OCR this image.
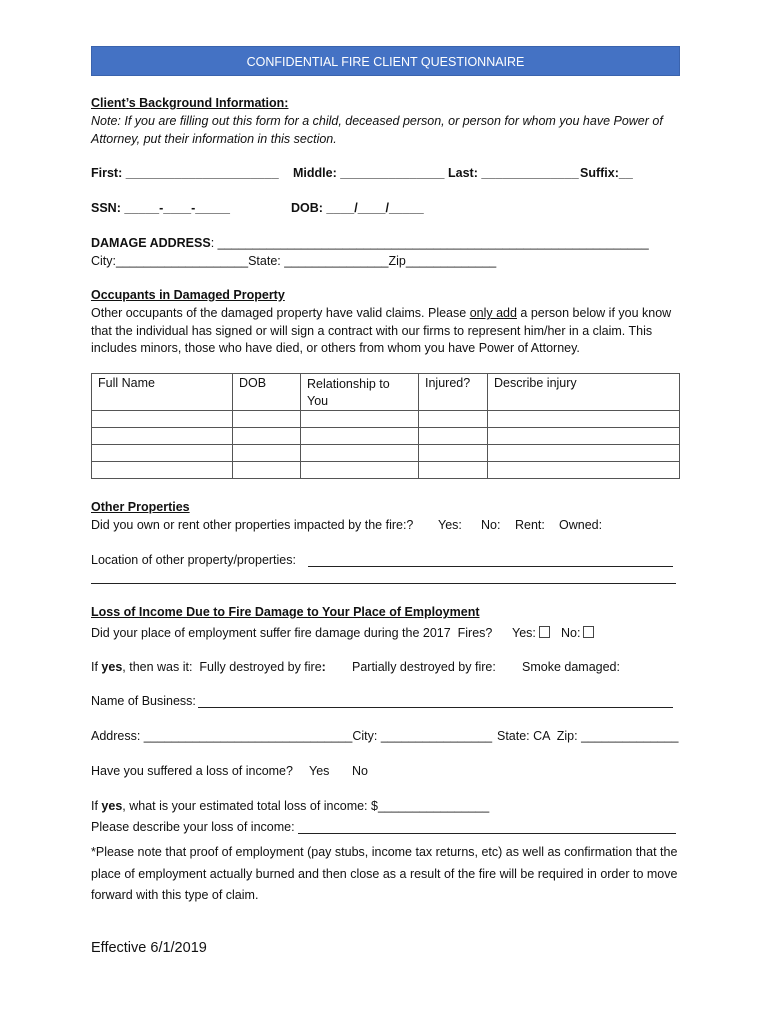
CONFIDENTIAL FIRE CLIENT QUESTIONNAIRE
Client’s Background Information:
Note: If you are filling out this form for a child, deceased person, or person for whom you have Power of Attorney, put their information in this section.
First: ______________________ Middle: _______________ Last: ______________ Suffix:__
SSN: _____-____-_____	DOB: ____/____/_____
DAMAGE ADDRESS: ______________________________________________________________
City:___________________State: _______________Zip_____________
Occupants in Damaged Property
Other occupants of the damaged property have valid claims. Please only add a person below if you know that the individual has signed or will sign a contract with our firms to represent him/her in a claim. This includes minors, those who have died, or others from whom you have Power of Attorney.
Full Name	DOB	Relationship to You	Injured?	Describe injury

Other Properties
Did you own or rent other properties impacted by the fire:? Yes: No: Rent: Owned:
Location of other property/properties:
Loss of Income Due to Fire Damage to Your Place of Employment
Did your place of employment suffer fire damage during the 2017  Fires? Yes:	No:
If yes, then was it:  Fully destroyed by fire: Partially destroyed by fire: Smoke damaged:
Name of Business:
Address: ______________________________City: ________________ State: CA  Zip: ______________
Have you suffered a loss of income? Yes No
If yes, what is your estimated total loss of income: $________________
Please describe your loss of income:
*Please note that proof of employment (pay stubs, income tax returns, etc) as well as confirmation that the place of employment actually burned and then close as a result of the fire will be required in order to move forward with this type of claim.
Effective 6/1/2019
